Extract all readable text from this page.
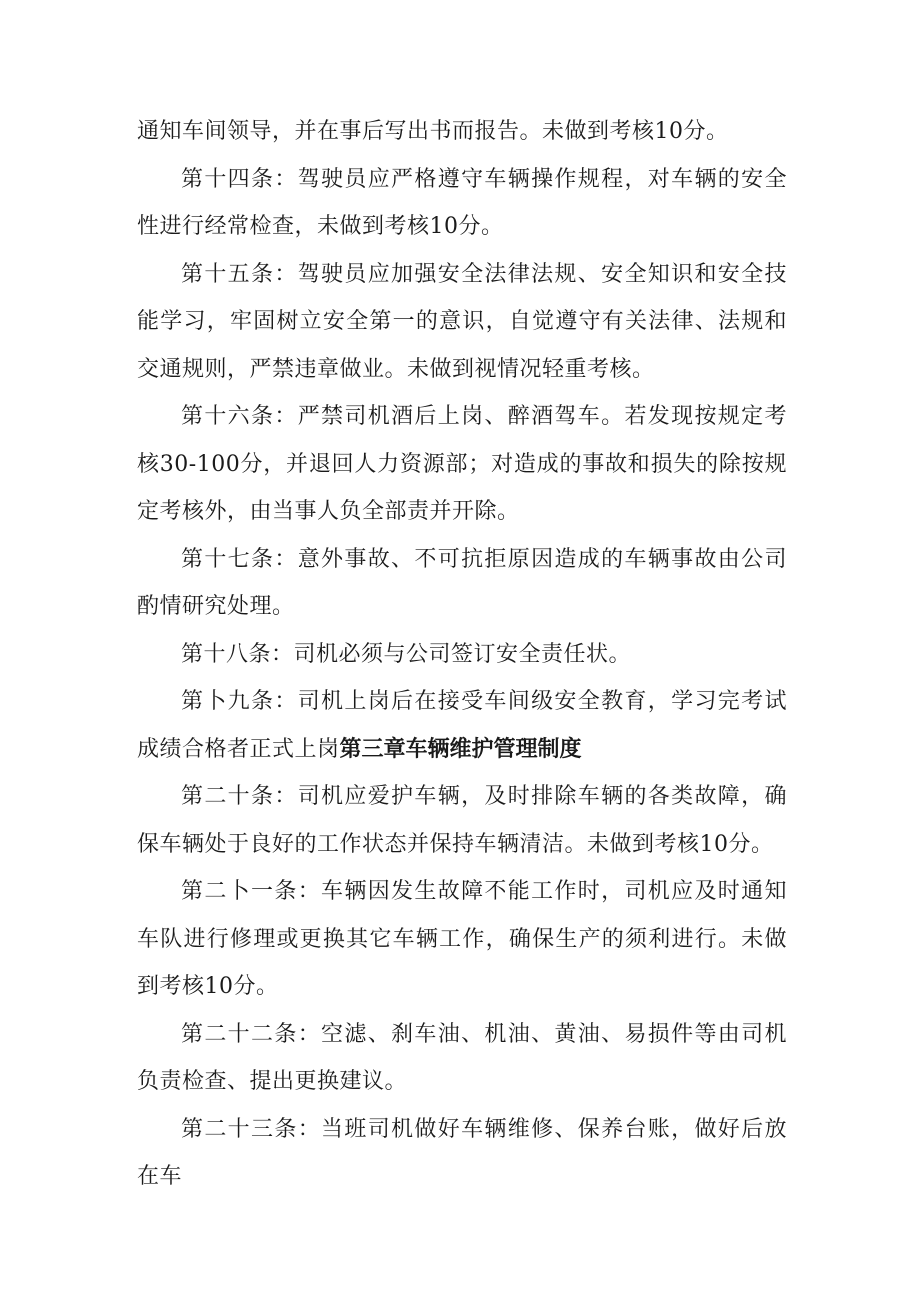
通知车间领导，并在事后写出书而报告。未做到考核10分。

第十四条：驾驶员应严格遵守车辆操作规程，对车辆的安全性进行经常检查，未做到考核10分。

第十五条：驾驶员应加强安全法律法规、安全知识和安全技能学习，牢固树立安全第一的意识，自觉遵守有关法律、法规和交通规则，严禁违章做业。未做到视情况轻重考核。

第十六条：严禁司机酒后上岗、醉酒驾车。若发现按规定考核30-100分，并退回人力资源部；对造成的事故和损失的除按规定考核外，由当事人负全部责并开除。

第十七条：意外事故、不可抗拒原因造成的车辆事故由公司酌情研究处理。

第十八条：司机必须与公司签订安全责任状。

第卜九条：司机上岗后在接受车间级安全教育，学习完考试成绩合格者正式上岗第三章车辆维护管理制度

第二十条：司机应爱护车辆，及时排除车辆的各类故障，确保车辆处于良好的工作状态并保持车辆清洁。未做到考核10分。

第二卜一条：车辆因发生故障不能工作时，司机应及时通知车队进行修理或更换其它车辆工作，确保生产的须利进行。未做到考核10分。

第二十二条：空滤、刹车油、机油、黄油、易损件等由司机负责检查、提出更换建议。

第二十三条：当班司机做好车辆维修、保养台账，做好后放在车
